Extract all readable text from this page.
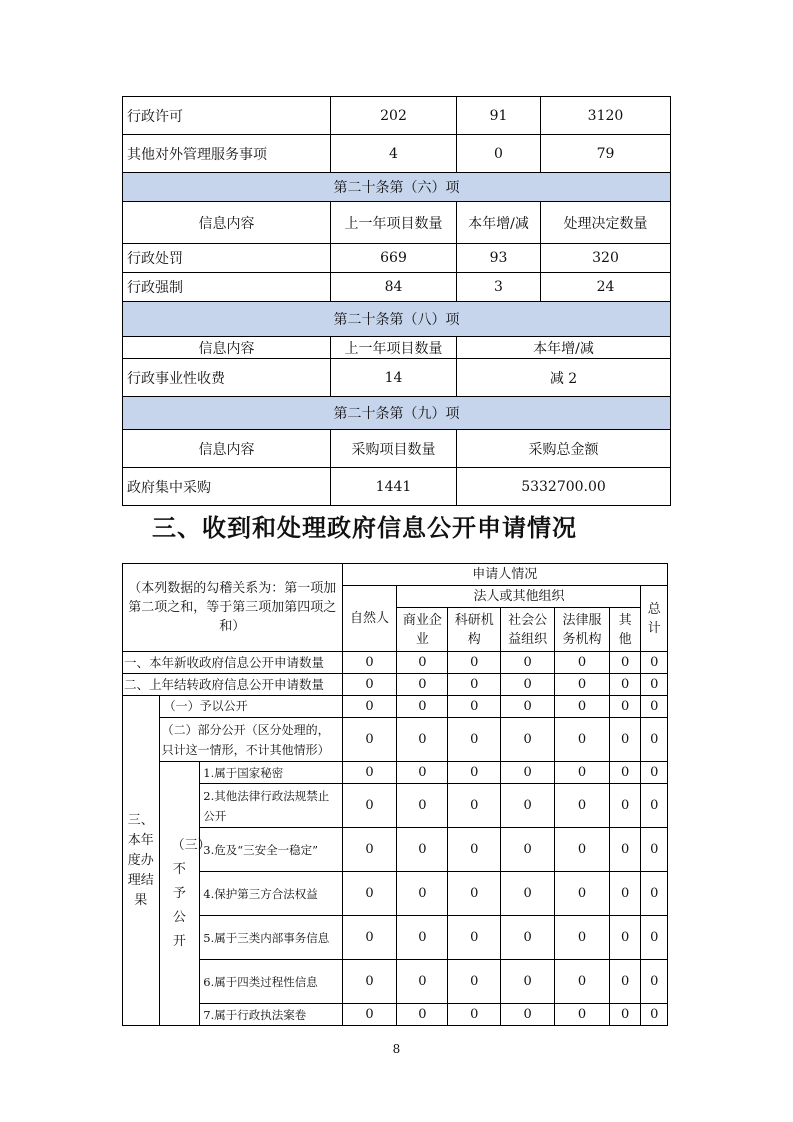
行政许可	202	91	3120
其他对外管理服务事项	4	0	79
第二十条第（六）项			
信息内容	上一年项目数量	本年增/减	处理决定数量
行政处罚	669	93	320
行政强制	84	3	24
第二十条第（八）项			
信息内容	上一年项目数量	本年增/减	
行政事业性收费	14	减 2	
第二十条第（九）项			
信息内容	采购项目数量	采购总金额	
政府集中采购	1441	5332700.00	
三、收到和处理政府信息公开申请情况
（本列数据的勾稽关系为：第一项加第二项之和，等于第三项加第四项之和）			申请人情况						
			自然人	法人或其他组织					总计
				商业企业	科研机构	社会公益组织	法律服务机构	其他	
一、本年新收政府信息公开申请数量			0	0	0	0	0	0	0
二、上年结转政府信息公开申请数量			0	0	0	0	0	0	0
三、本年度办理结果	（一）予以公开		0	0	0	0	0	0	0
	（二）部分公开（区分处理的，只计这一情形，不计其他情形）		0	0	0	0	0	0	0
	（三）不予公开	1.属于国家秘密	0	0	0	0	0	0	0
		2.其他法律行政法规禁止公开	0	0	0	0	0	0	0
		3.危及“三安全一稳定”	0	0	0	0	0	0	0
		4.保护第三方合法权益	0	0	0	0	0	0	0
		5.属于三类内部事务信息	0	0	0	0	0	0	0
		6.属于四类过程性信息	0	0	0	0	0	0	0
		7.属于行政执法案卷	0	0	0	0	0	0	0
8
